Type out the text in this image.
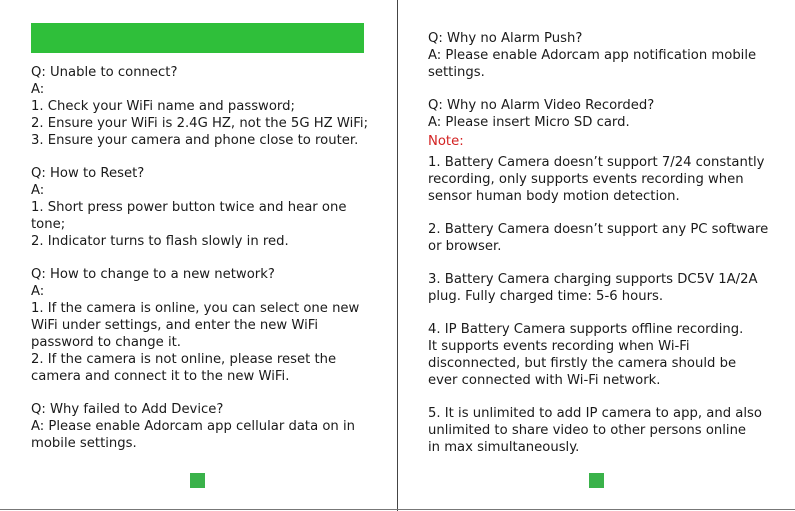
Q: Unable to connect?
A:
1. Check your WiFi name and password;
2. Ensure your WiFi is 2.4G HZ, not the 5G HZ WiFi;
3. Ensure your camera and phone close to router.
Q: How to Reset?
A:
1. Short press power button twice and hear one
tone;
2. Indicator turns to flash slowly in red.
Q: How to change to a new network?
A:
1. If the camera is online, you can select one new
WiFi under settings, and enter the new WiFi
password to change it.
2. If the camera is not online, please reset the
camera and connect it to the new WiFi.
Q: Why failed to Add Device?
A: Please enable Adorcam app cellular data on in
mobile settings.
Q: Why no Alarm Push?
A: Please enable Adorcam app notification mobile
settings.
Q: Why no Alarm Video Recorded?
A: Please insert Micro SD card.
Note:
1. Battery Camera doesn’t support 7/24 constantly
recording, only supports events recording when
sensor human body motion detection.
2. Battery Camera doesn’t support any PC software
or browser.
3. Battery Camera charging supports DC5V 1A/2A
plug. Fully charged time: 5-6 hours.
4. IP Battery Camera supports offline recording.
It supports events recording when Wi-Fi
disconnected, but firstly the camera should be
ever connected with Wi-Fi network.
5. It is unlimited to add IP camera to app, and also
unlimited to share video to other persons online
in max simultaneously.
